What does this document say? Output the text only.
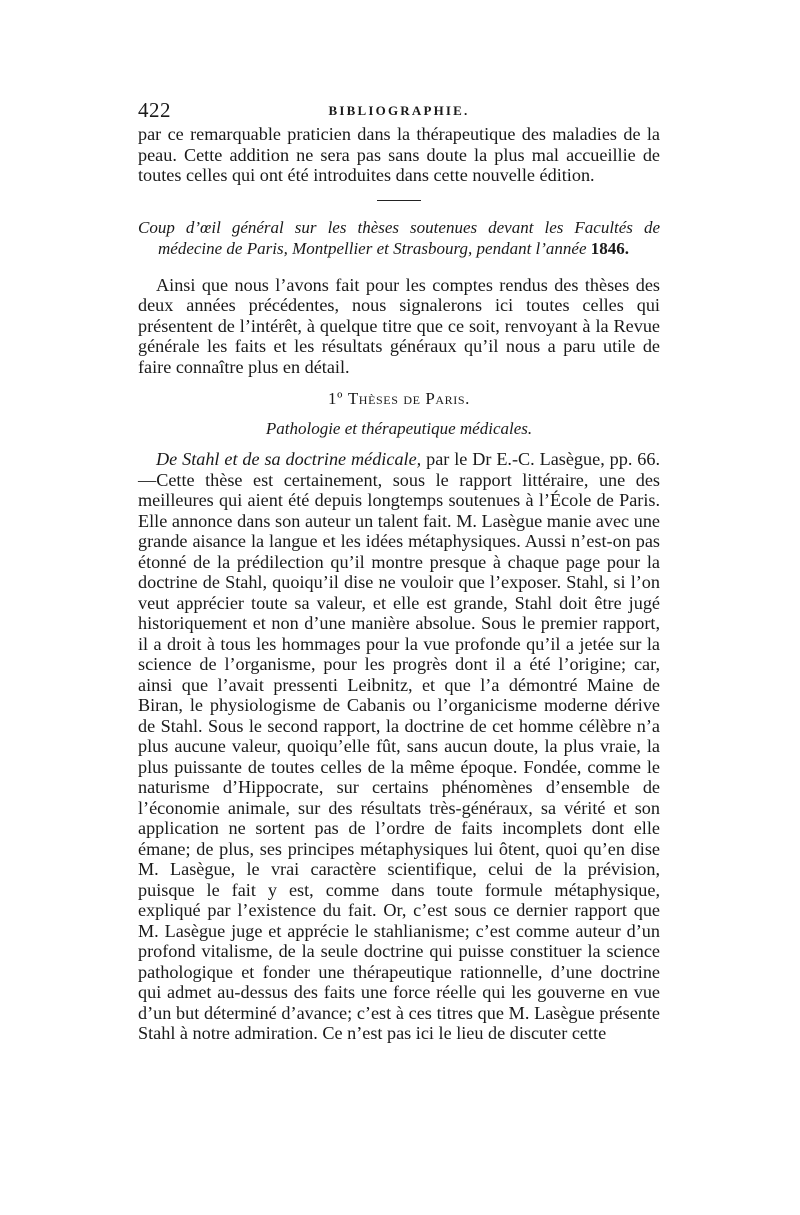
422	BIBLIOGRAPHIE.

par ce remarquable praticien dans la thérapeutique des maladies de la peau. Cette addition ne sera pas sans doute la plus mal accueillie de toutes celles qui ont été introduites dans cette nouvelle édition.

Coup d’œil général sur les thèses soutenues devant les Facultés de médecine de Paris, Montpellier et Strasbourg, pendant l’année 1846.

Ainsi que nous l’avons fait pour les comptes rendus des thèses des deux années précédentes, nous signalerons ici toutes celles qui présentent de l’intérêt, à quelque titre que ce soit, renvoyant à la Revue générale les faits et les résultats généraux qu’il nous a paru utile de faire connaître plus en détail.

1º Thèses de Paris.
Pathologie et thérapeutique médicales.

De Stahl et de sa doctrine médicale, par le Dr E.-C. Lasègue, pp. 66.—Cette thèse est certainement, sous le rapport littéraire, une des meilleures qui aient été depuis longtemps soutenues à l’École de Paris. Elle annonce dans son auteur un talent fait. M. Lasègue manie avec une grande aisance la langue et les idées métaphysiques. Aussi n’est-on pas étonné de la prédilection qu’il montre presque à chaque page pour la doctrine de Stahl, quoiqu’il dise ne vouloir que l’exposer. Stahl, si l’on veut apprécier toute sa valeur, et elle est grande, Stahl doit être jugé historiquement et non d’une manière absolue. Sous le premier rapport, il a droit à tous les hommages pour la vue profonde qu’il a jetée sur la science de l’organisme, pour les progrès dont il a été l’origine; car, ainsi que l’avait pressenti Leibnitz, et que l’a démontré Maine de Biran, le physiologisme de Cabanis ou l’organicisme moderne dérive de Stahl. Sous le second rapport, la doctrine de cet homme célèbre n’a plus aucune valeur, quoiqu’elle fût, sans aucun doute, la plus vraie, la plus puissante de toutes celles de la même époque. Fondée, comme le naturisme d’Hippocrate, sur certains phénomènes d’ensemble de l’économie animale, sur des résultats très-généraux, sa vérité et son application ne sortent pas de l’ordre de faits incomplets dont elle émane; de plus, ses principes métaphysiques lui ôtent, quoi qu’en dise M. Lasègue, le vrai caractère scientifique, celui de la prévision, puisque le fait y est, comme dans toute formule métaphysique, expliqué par l’existence du fait. Or, c’est sous ce dernier rapport que M. Lasègue juge et apprécie le stahlianisme; c’est comme auteur d’un profond vitalisme, de la seule doctrine qui puisse constituer la science pathologique et fonder une thérapeutique rationnelle, d’une doctrine qui admet au-dessus des faits une force réelle qui les gouverne en vue d’un but déterminé d’avance; c’est à ces titres que M. Lasègue présente Stahl à notre admiration. Ce n’est pas ici le lieu de discuter cette
